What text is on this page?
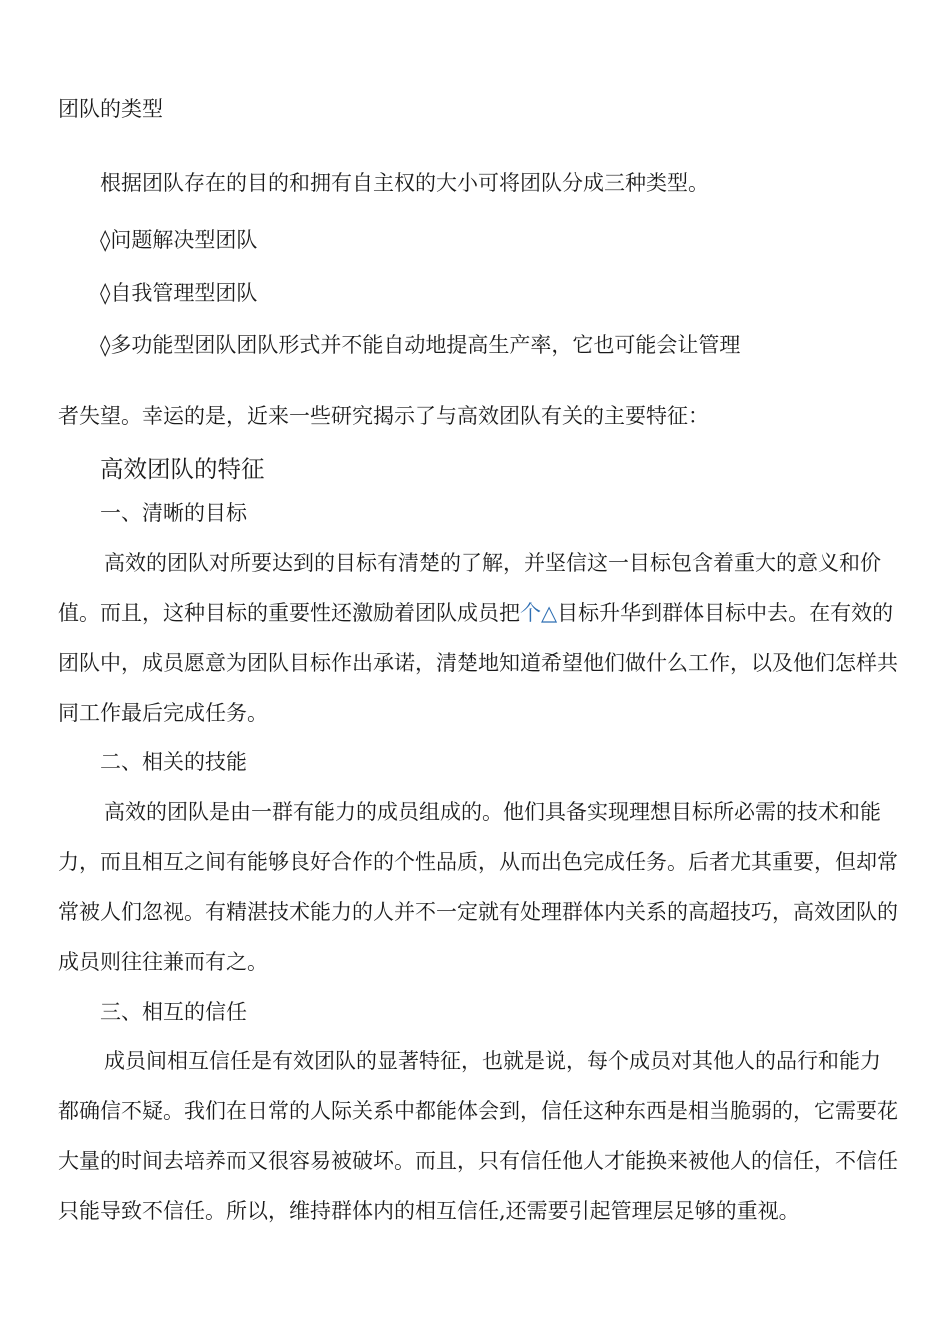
团队的类型

根据团队存在的目的和拥有自主权的大小可将团队分成三种类型。

◊问题解决型团队

◊自我管理型团队

◊多功能型团队团队形式并不能自动地提高生产率，它也可能会让管理

者失望。幸运的是，近来一些研究揭示了与高效团队有关的主要特征：

高效团队的特征

一、清晰的目标

高效的团队对所要达到的目标有清楚的了解，并坚信这一目标包含着重大的意义和价

值。而且，这种目标的重要性还激励着团队成员把个△目标升华到群体目标中去。在有效的

团队中，成员愿意为团队目标作出承诺，清楚地知道希望他们做什么工作，以及他们怎样共

同工作最后完成任务。

二、相关的技能

高效的团队是由一群有能力的成员组成的。他们具备实现理想目标所必需的技术和能

力，而且相互之间有能够良好合作的个性品质，从而出色完成任务。后者尤其重要，但却常

常被人们忽视。有精湛技术能力的人并不一定就有处理群体内关系的高超技巧，高效团队的

成员则往往兼而有之。

三、相互的信任

成员间相互信任是有效团队的显著特征，也就是说，每个成员对其他人的品行和能力

都确信不疑。我们在日常的人际关系中都能体会到，信任这种东西是相当脆弱的，它需要花

大量的时间去培养而又很容易被破坏。而且，只有信任他人才能换来被他人的信任，不信任

只能导致不信任。所以，维持群体内的相互信任,还需要引起管理层足够的重视。
